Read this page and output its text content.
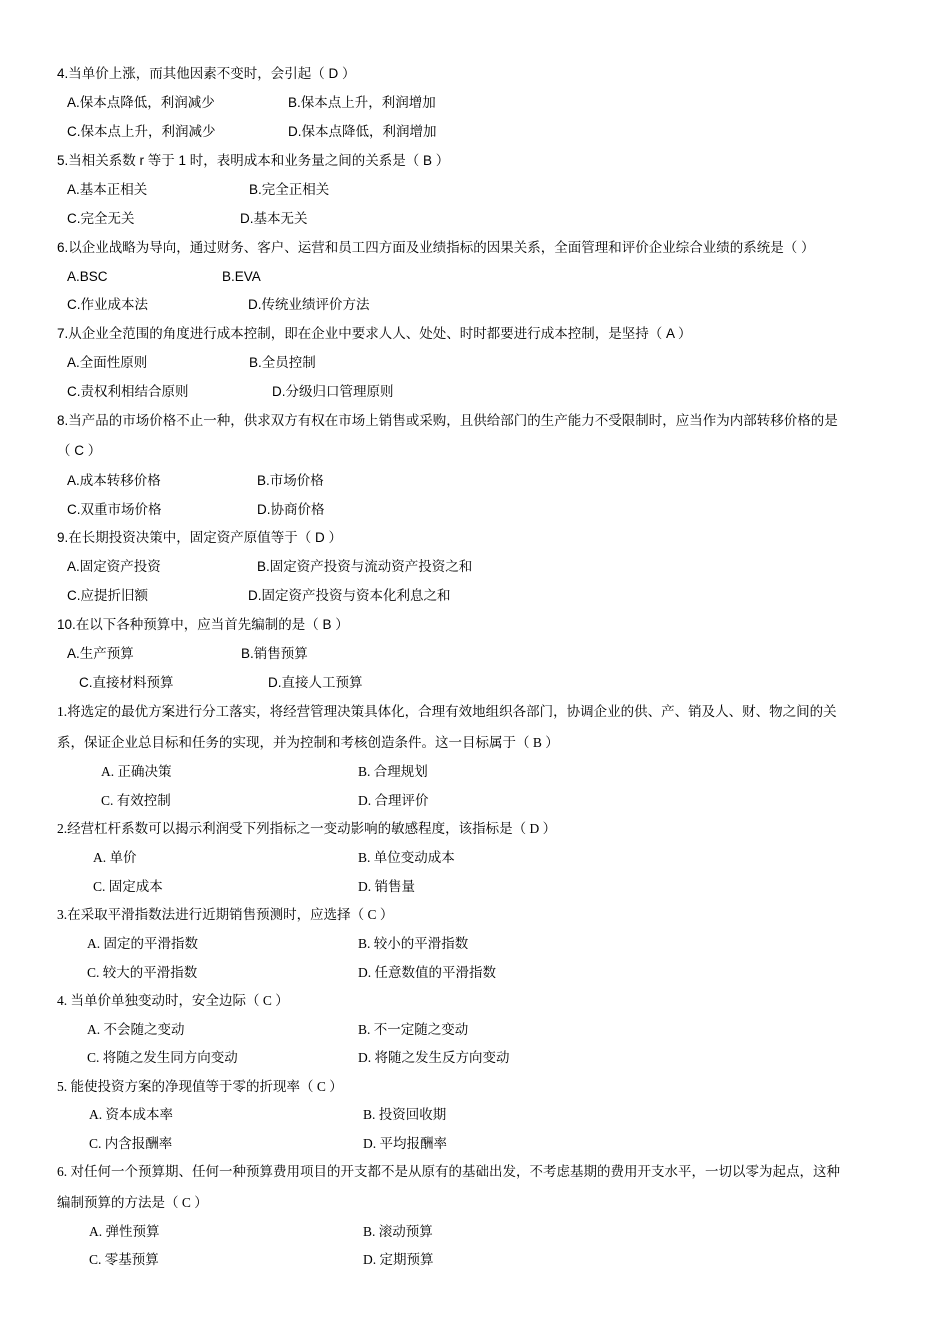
4.当单价上涨，而其他因素不变时，会引起（ D ）
A.保本点降低，利润减少	B.保本点上升，利润增加
C.保本点上升，利润减少	D.保本点降低，利润增加
5.当相关系数 r 等于 1 时，表明成本和业务量之间的关系是（ B ）
A.基本正相关	B.完全正相关
C.完全无关	D.基本无关
6.以企业战略为导向，通过财务、客户、运营和员工四方面及业绩指标的因果关系，全面管理和评价企业综合业绩的系统是（ ）
A.BSC	B.EVA
C.作业成本法	D.传统业绩评价方法
7.从企业全范围的角度进行成本控制，即在企业中要求人人、处处、时时都要进行成本控制，是坚持（ A ）
A.全面性原则	B.全员控制
C.责权利相结合原则	D.分级归口管理原则
8.当产品的市场价格不止一种，供求双方有权在市场上销售或采购，且供给部门的生产能力不受限制时，应当作为内部转移价格的是
（ C ）
A.成本转移价格	B.市场价格
C.双重市场价格	D.协商价格
9.在长期投资决策中，固定资产原值等于（ D ）
A.固定资产投资	B.固定资产投资与流动资产投资之和
C.应提折旧额	D.固定资产投资与资本化利息之和
10.在以下各种预算中，应当首先编制的是（ B ）
A.生产预算	B.销售预算
C.直接材料预算	D.直接人工预算
1.将选定的最优方案进行分工落实，将经营管理决策具体化，合理有效地组织各部门，协调企业的供、产、销及人、财、物之间的关
系，保证企业总目标和任务的实现，并为控制和考核创造条件。这一目标属于（ B ）
A. 正确决策	B. 合理规划
C. 有效控制	D. 合理评价
2.经营杠杆系数可以揭示利润受下列指标之一变动影响的敏感程度，该指标是（ D ）
A. 单价	B. 单位变动成本
C. 固定成本	D. 销售量
3.在采取平滑指数法进行近期销售预测时，应选择（ C ）
A. 固定的平滑指数	B. 较小的平滑指数
C. 较大的平滑指数	D. 任意数值的平滑指数
4. 当单价单独变动时，安全边际（ C ）
A. 不会随之变动	B. 不一定随之变动
C. 将随之发生同方向变动	D. 将随之发生反方向变动
5. 能使投资方案的净现值等于零的折现率（ C ）
A. 资本成本率	B. 投资回收期
C. 内含报酬率	D. 平均报酬率
6. 对任何一个预算期、任何一种预算费用项目的开支都不是从原有的基础出发，不考虑基期的费用开支水平，一切以零为起点，这种
编制预算的方法是（ C ）
A. 弹性预算	B. 滚动预算
C. 零基预算	D. 定期预算
